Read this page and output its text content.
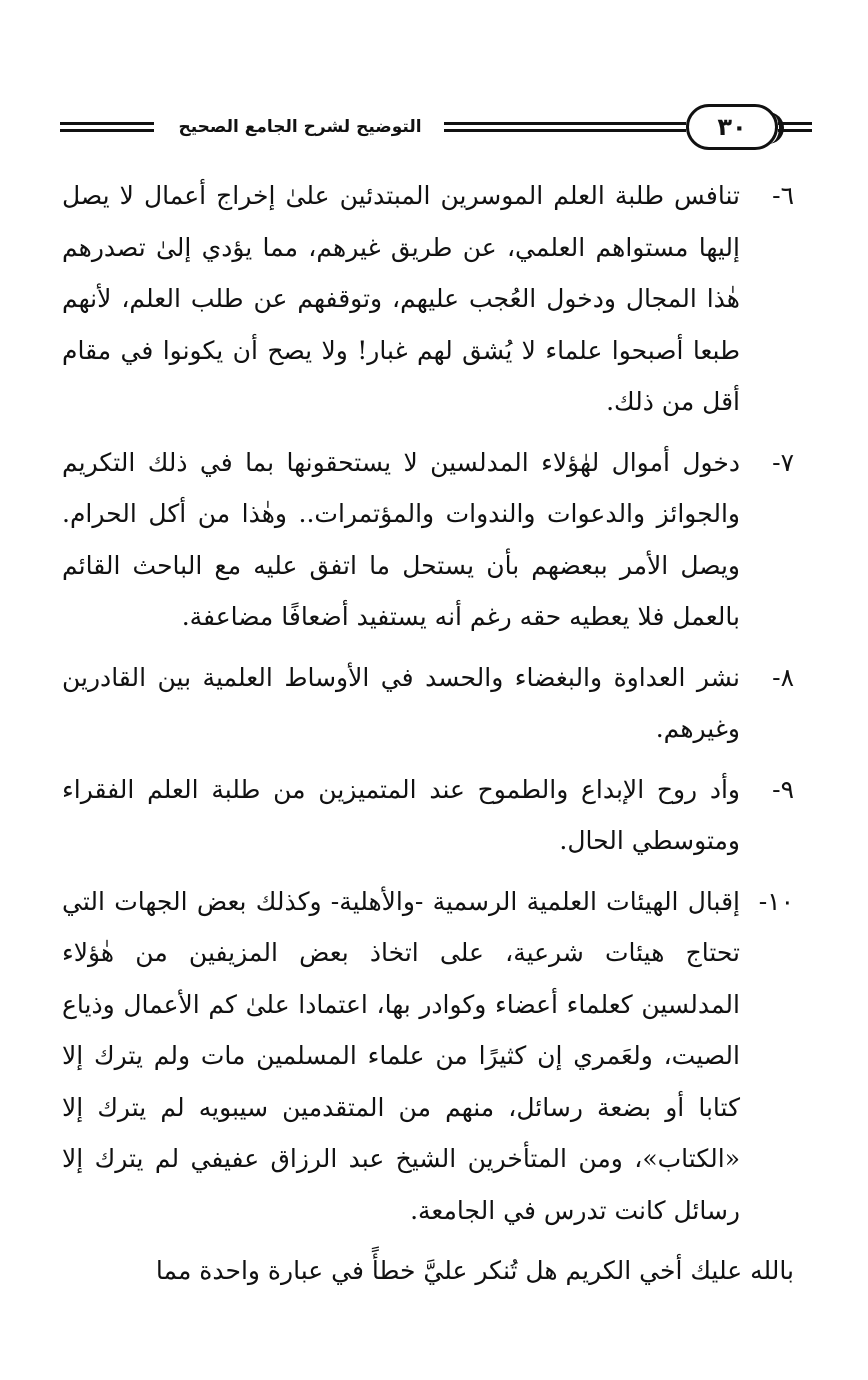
التوضيح لشرح الجامع الصحيح	٣٠
٦-
تنافس طلبة العلم الموسرين المبتدئين علىٰ إخراج أعمال لا يصل إليها مستواهم العلمي، عن طريق غيرهم، مما يؤدي إلىٰ تصدرهم هٰذا المجال ودخول العُجب عليهم، وتوقفهم عن طلب العلم، لأنهم طبعا أصبحوا علماء لا يُشق لهم غبار! ولا يصح أن يكونوا في مقام أقل من ذلك.
٧-
دخول أموال لهٰؤلاء المدلسين لا يستحقونها بما في ذلك التكريم والجوائز والدعوات والندوات والمؤتمرات.. وهٰذا من أكل الحرام. ويصل الأمر ببعضهم بأن يستحل ما اتفق عليه مع الباحث القائم بالعمل فلا يعطيه حقه رغم أنه يستفيد أضعافًا مضاعفة.
٨-
نشر العداوة والبغضاء والحسد في الأوساط العلمية بين القادرين وغيرهم.
٩-
وأد روح الإبداع والطموح عند المتميزين من طلبة العلم الفقراء ومتوسطي الحال.
١٠-
إقبال الهيئات العلمية الرسمية -والأهلية- وكذلك بعض الجهات التي تحتاج هيئات شرعية، على اتخاذ بعض المزيفين من هٰؤلاء المدلسين كعلماء أعضاء وكوادر بها، اعتمادا علىٰ كم الأعمال وذياع الصيت، ولعَمري إن كثيرًا من علماء المسلمين مات ولم يترك إلا كتابا أو بضعة رسائل، منهم من المتقدمين سيبويه لم يترك إلا «الكتاب»، ومن المتأخرين الشيخ عبد الرزاق عفيفي لم يترك إلا رسائل كانت تدرس في الجامعة.

بالله عليك أخي الكريم هل تُنكر عليَّ خطأً في عبارة واحدة مما
